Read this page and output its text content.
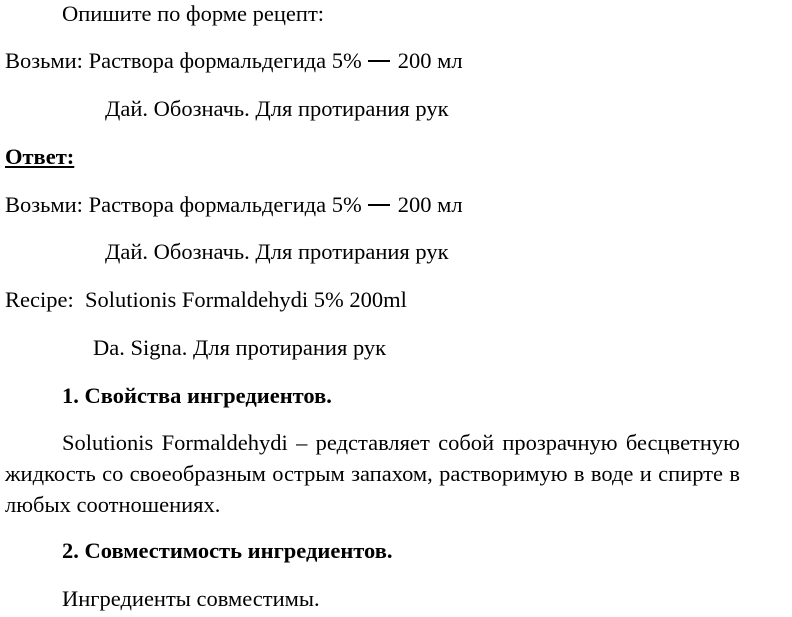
Опишите по форме рецепт:
Возьми: Раствора формальдегида 5% 200 мл
Дай. Обозначь. Для протирания рук
Ответ:
Возьми: Раствора формальдегида 5% 200 мл
Дай. Обозначь. Для протирания рук
Recipe:  Solutionis Formaldehydi 5% 200ml
Da. Signa. Для протирания рук
1. Свойства ингредиентов.
Solutionis Formaldehydi – редставляет собой прозрачную бесцветную жидкость со своеобразным острым запахом, растворимую в воде и спирте в любых соотношениях.
2. Совместимость ингредиентов.
Ингредиенты совместимы.
